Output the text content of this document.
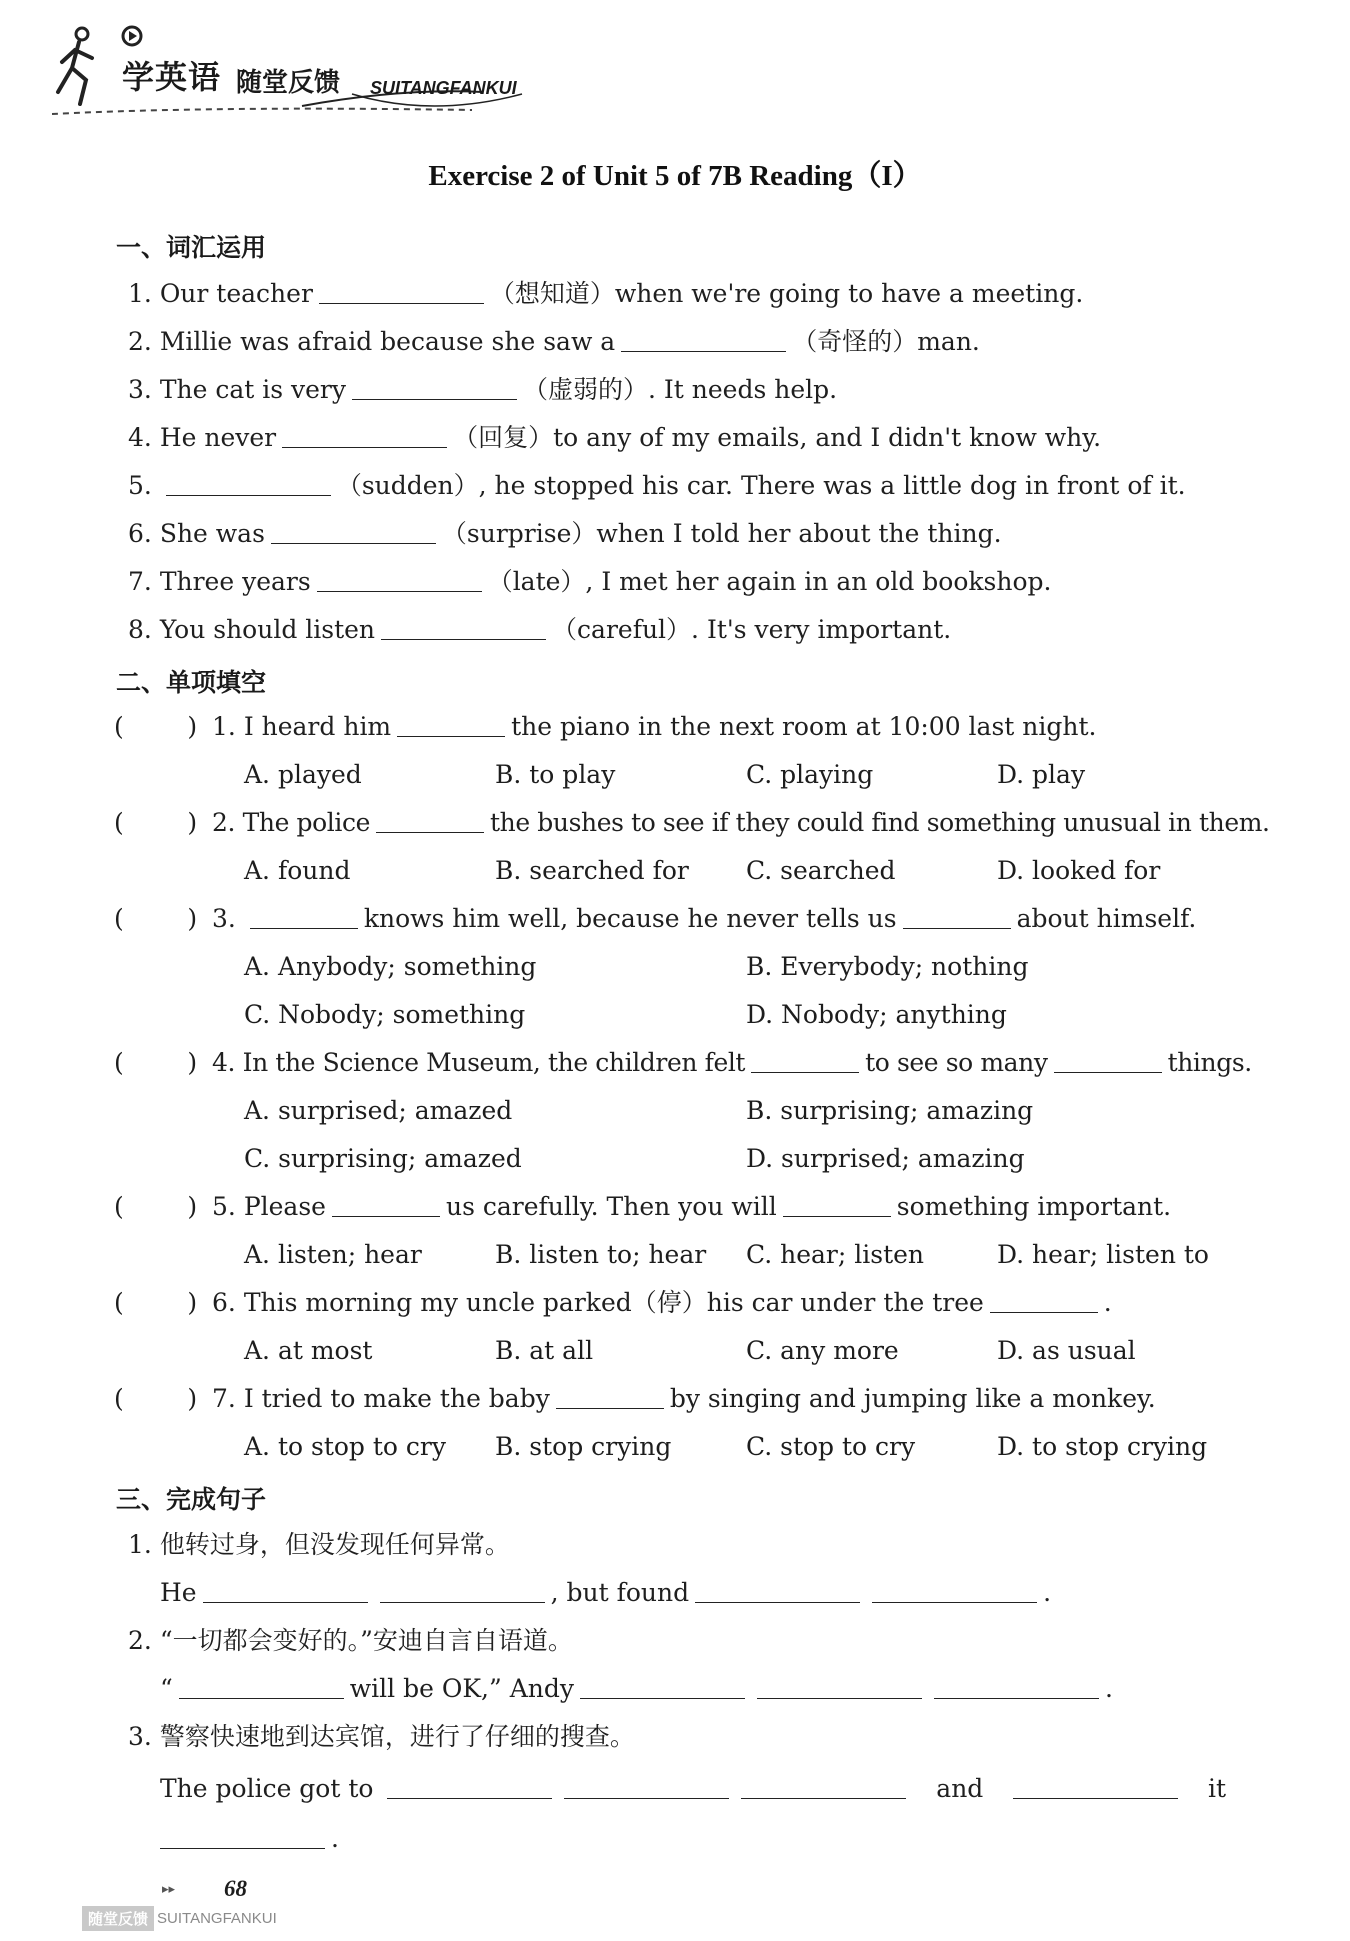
学英语 随堂反馈 SUITANGFANKUI
Exercise 2 of Unit 5 of 7B Reading（I）
一、词汇运用
1. Our teacher	（想知道）when we're going to have a meeting.
2. Millie was afraid because she saw a	（奇怪的）man.
3. The cat is very	（虚弱的）. It needs help.
4. He never	（回复）to any of my emails, and I didn't know why.
5.	（sudden）, he stopped his car. There was a little dog in front of it.
6. She was	（surprise）when I told her about the thing.
7. Three years	（late）, I met her again in an old bookshop.
8. You should listen	（careful）. It's very important.
二、单项填空
(        ) 1. I heard him	the piano in the next room at 10:00 last night.
A. played	B. to play	C. playing	D. play
(        ) 2. The police	the bushes to see if they could find something unusual in them.
A. found	B. searched for C. searched	D. looked for
(        ) 3.	knows him well, because he never tells us	about himself.
A. Anybody; something	B. Everybody; nothing
C. Nobody; something	D. Nobody; anything
(        ) 4. In the Science Museum, the children felt	to see so many	things.
A. surprised; amazed	B. surprising; amazing
C. surprising; amazed	D. surprised; amazing
(        ) 5. Please	us carefully. Then you will	something important.
A. listen; hear	B. listen to; hear C. hear; listen	D. hear; listen to
(        ) 6. This morning my uncle parked（停）his car under the tree	.
A. at most	B. at all	C. any more	D. as usual
(        ) 7. I tried to make the baby	by singing and jumping like a monkey.
A. to stop to cry B. stop crying	C. stop to cry	D. to stop crying
三、完成句子
1. 他转过身，但没发现任何异常。
He	, but found	.
2. “一切都会变好的。”安迪自言自语道。
“	will be OK,” Andy	.
3. 警察快速地到达宾馆，进行了仔细的搜查。
The police got to	and	it
.
▸▸ 68
随堂反馈 SUITANGFANKUI
